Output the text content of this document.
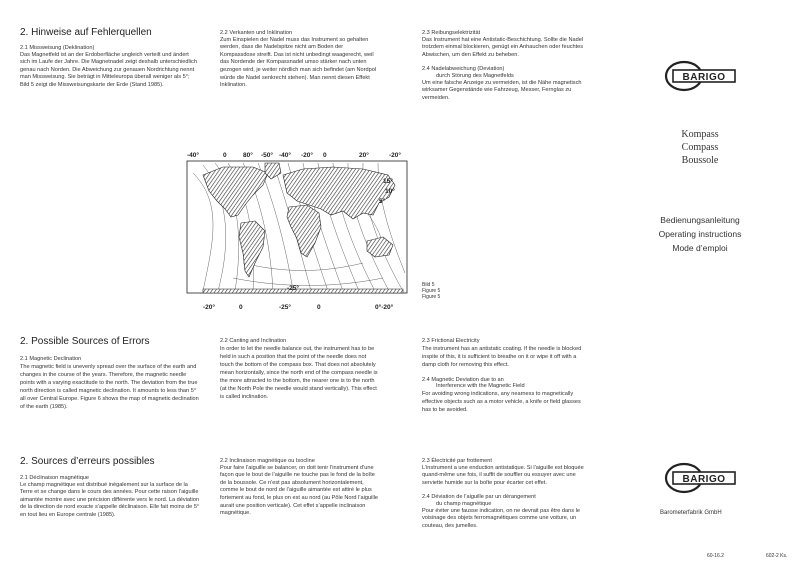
2. Hinweise auf Fehlerquellen
2.1 Missweisung (Deklination)
Das Magnetfeld ist an der Erdoberfläche ungleich verteilt und ändert sich im Laufe der Jahre. Die Magnetnadel zeigt deshalb unterschiedlich genau nach Norden. Die Abweichung zur genauen Nordrichtung nennt man Missweisung. Sie beträgt in Mitteleuropa überall weniger als 5°; Bild 5 zeigt die Missweisungskarte der Erde (Stand 1985).
2.2 Verkanten und Inklination
Zum Einspielen der Nadel muss das Instrument so gehalten werden, dass die Nadelspitze nicht am Boden der Kompassdose streift. Das ist nicht unbedingt waagerecht, weil das Nordende der Kompassnadel umso stärker nach unten gezogen wird, je weiter nördlich man sich befindet (am Nordpol würde die Nadel senkrecht stehen). Man nennt diesen Effekt Inklination.
2.3 Reibungselektrizität
Das Instrument hat eine Antistatic-Beschichtung. Sollte die Nadel trotzdem einmal blockieren, genügt ein Anhauchen oder feuchtes Abwischen, um den Effekt zu beheben.
2.4 Nadelabweichung (Deviation)
durch Störung des Magnetfelds
Um eine falsche Anzeige zu vermeiden, ist die Nähe magnetisch wirksamer Gegenstände wie Fahrzeug, Messer, Fernglas zu vermeiden.
-40°	0	80° -50° -40° -20° 0	20°	-20°
15°
10°
5°
-25°
-20°	0	-25°	0	0°-20°
Bild 5
Figure 5
Figure 5
2. Possible Sources of Errors
2.1 Magnetic Declination
The magnetic field is unevenly spread over the surface of the earth and changes in the course of the years. Therefore, the magnetic needle points with a varying exactitude to the north. The deviation from the true north direction is called magnetic declination. It amounts to less than 5° all over Central Europe. Figure 6 shows the map of magnetic declination of the earth (1985).
2.2 Canting and Inclination
In order to let the needle balance out, the instrument has to be held in such a position that the point of the needle does not touch the bottom of the compass box. That does not absolutely mean horizontally, since the north end of the compass needle is the more attracted to the bottom, the nearer one is to the north (at the North Pole the needle would stand vertically). This effect is called inclination.
2.3 Frictional Electricity
The instrument has an antistatic coating. If the needle is blocked inspite of this, it is sufficient to breathe on it or wipe it off with a damp cloth for removing this effect.
2.4 Magnetic Deviation due to an
Interference with the Magnetic Field
For avoiding wrong indications, any nearness to magnetically effective objects such as a motor vehicle, a knife or field glasses has to be avoided.
2. Sources d’erreurs possibles
2.1 Déclinaison magnétique
Le champ magnétique est distribué inégalement sur la surface de la Terre et se change dans le cours des années. Pour cette raison l’aiguille aimantée montre avec une précision différente vers le nord. La déviation de la direction de nord exacte s’appelle déclinaison. Elle fait moins de 5° en tout lieu en Europe centrale (1985).
2.2 Inclinaison magnétique ou Isocline
Pour faire l’aiguille se balancer, on doit tenir l’instrument d’une façon que le bout de l’aiguille ne touche pas le fond de la boîte de la boussole. Ce n’est pas absolument horizontalement, comme le bout de nord de l’aiguille aimantée est attiré le plus fortement au fond, le plus on est au nord (au Pôle Nord l’aiguille aurait une position verticale). Cet effet s’appelle inclinaison magnétique.
2.3 Électricité par frottement
L’instrument a une enduction antistatique. Si l’aiguille est bloquée quand-même une fois, il suffit de souffler ou essuyer avec une serviette humide sur la boîte pour écarter cet effet.
2.4 Déviation de l’aiguille par un dérangement
du champ magnétique
Pour éviter une fausse indication, on ne devrait pas être dans le voisinage des objets ferromagnétiques comme une voiture, un couteau, des jumelles.
BARIGO
Kompass
Compass
Boussole
Bedienungsanleitung
Operating instructions
Mode d’emploi
BARIGO
Barometerfabrik GmbH
60-16.2	602-2 Ks.
